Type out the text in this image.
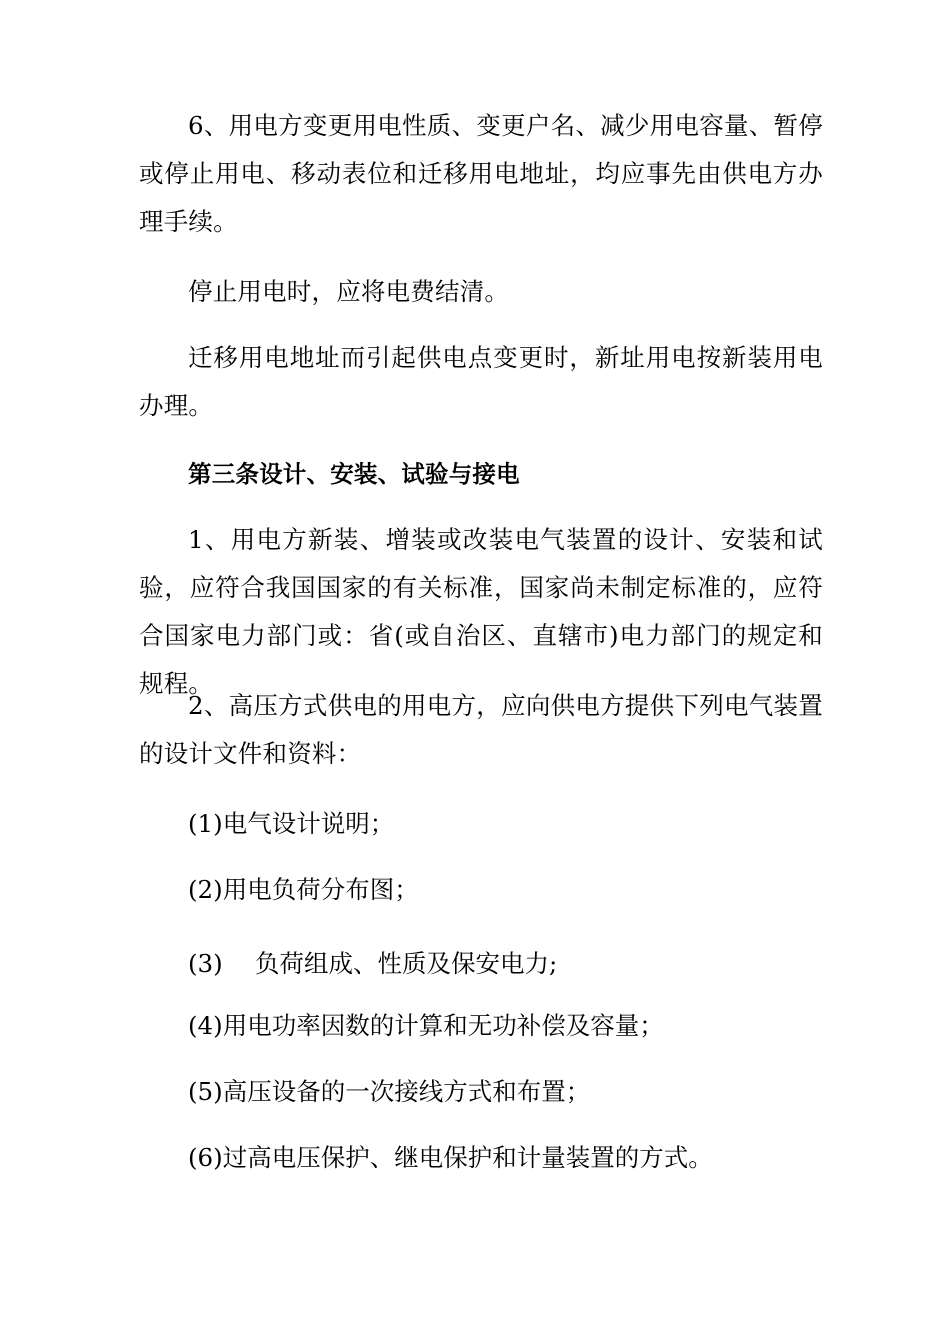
6、用电方变更用电性质、变更户名、减少用电容量、暂停或停止用电、移动表位和迁移用电地址，均应事先由供电方办理手续。

停止用电时，应将电费结清。

迁移用电地址而引起供电点变更时，新址用电按新装用电办理。

第三条设计、安装、试验与接电

1、用电方新装、增装或改装电气装置的设计、安装和试验，应符合我国国家的有关标准，国家尚未制定标准的，应符合国家电力部门或：省(或自治区、直辖市)电力部门的规定和规程。

2、高压方式供电的用电方，应向供电方提供下列电气装置的设计文件和资料：

(1)电气设计说明；

(2)用电负荷分布图；

(3) 负荷组成、性质及保安电力;

(4)用电功率因数的计算和无功补偿及容量；

(5)高压设备的一次接线方式和布置；

(6)过高电压保护、继电保护和计量装置的方式。
